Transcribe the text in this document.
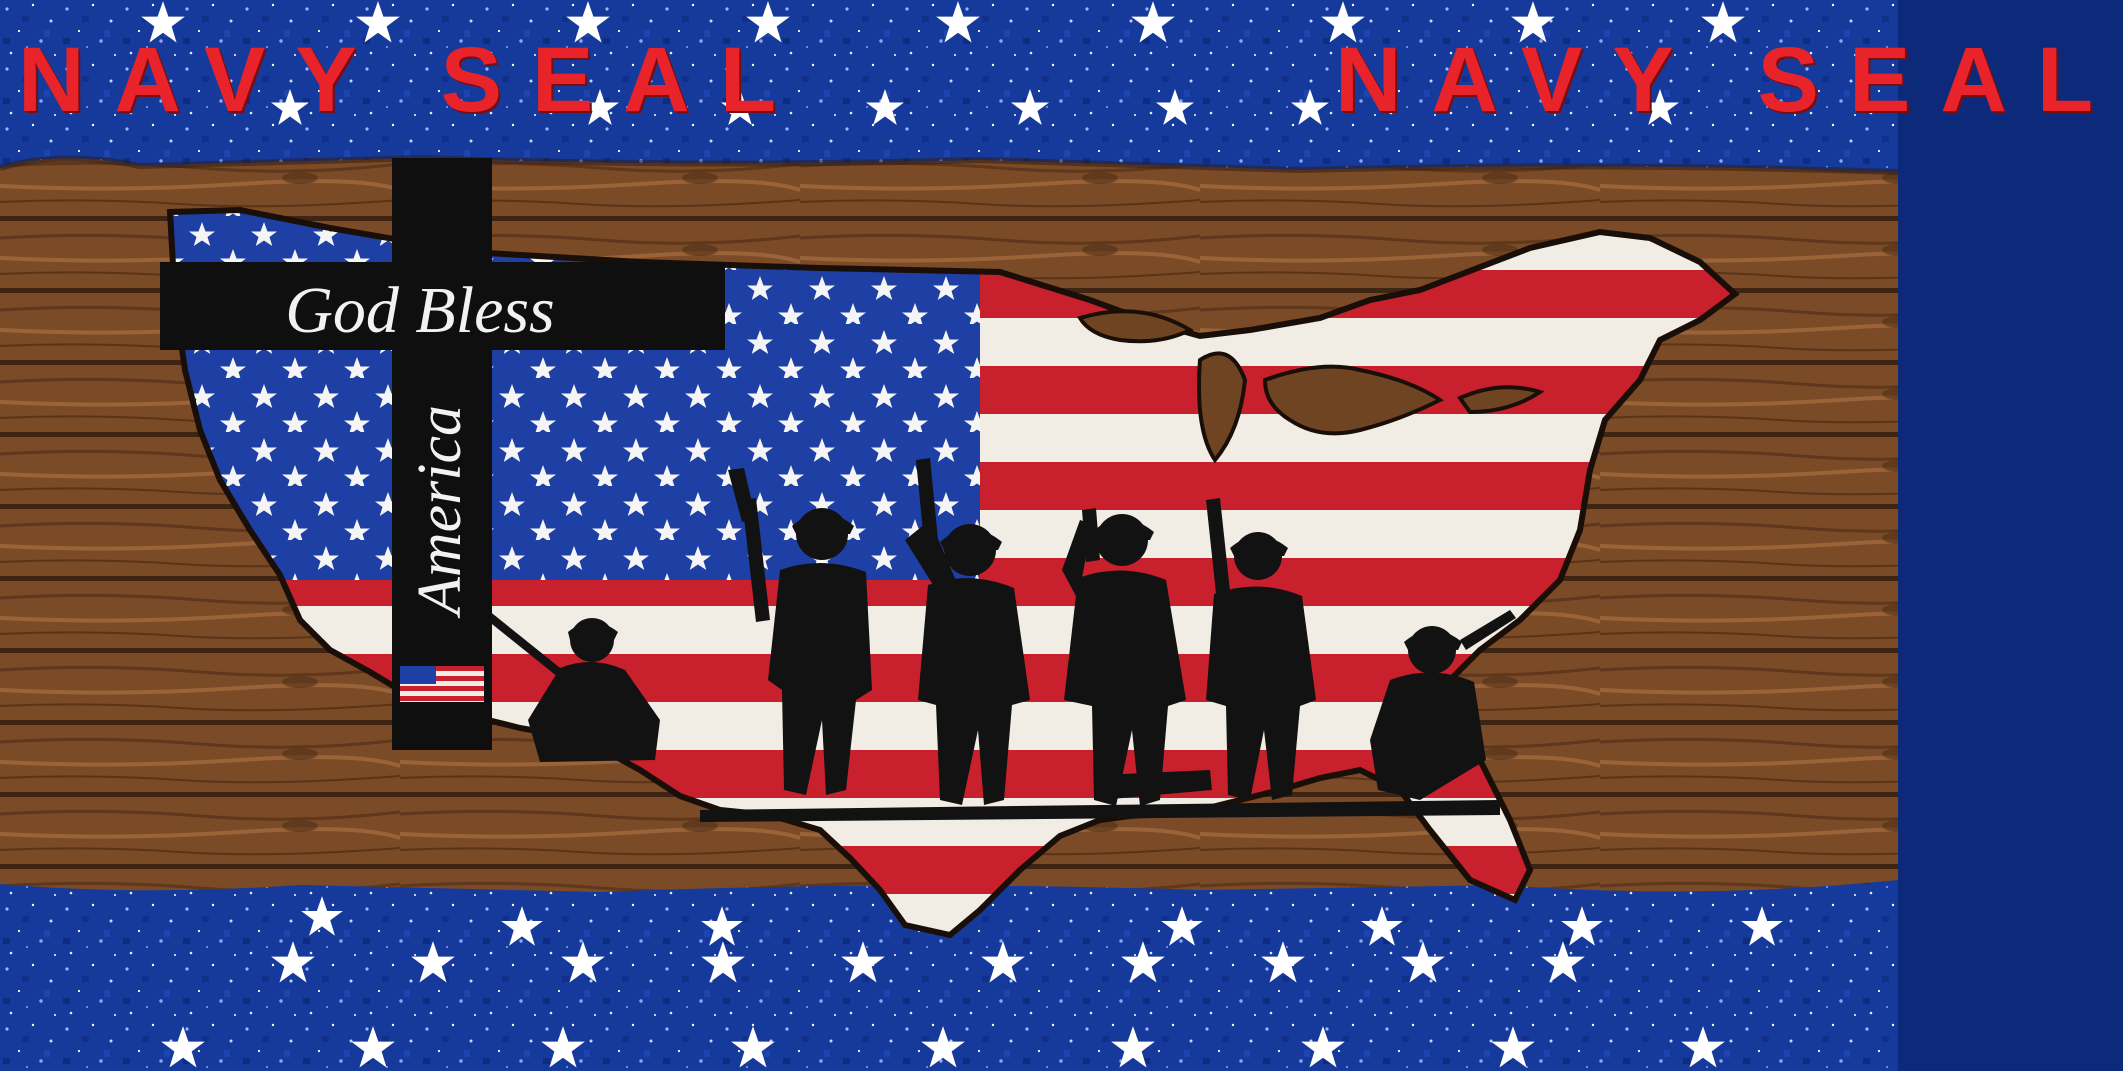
God Bless
America
NAVY SEAL	NAVY SEAL
